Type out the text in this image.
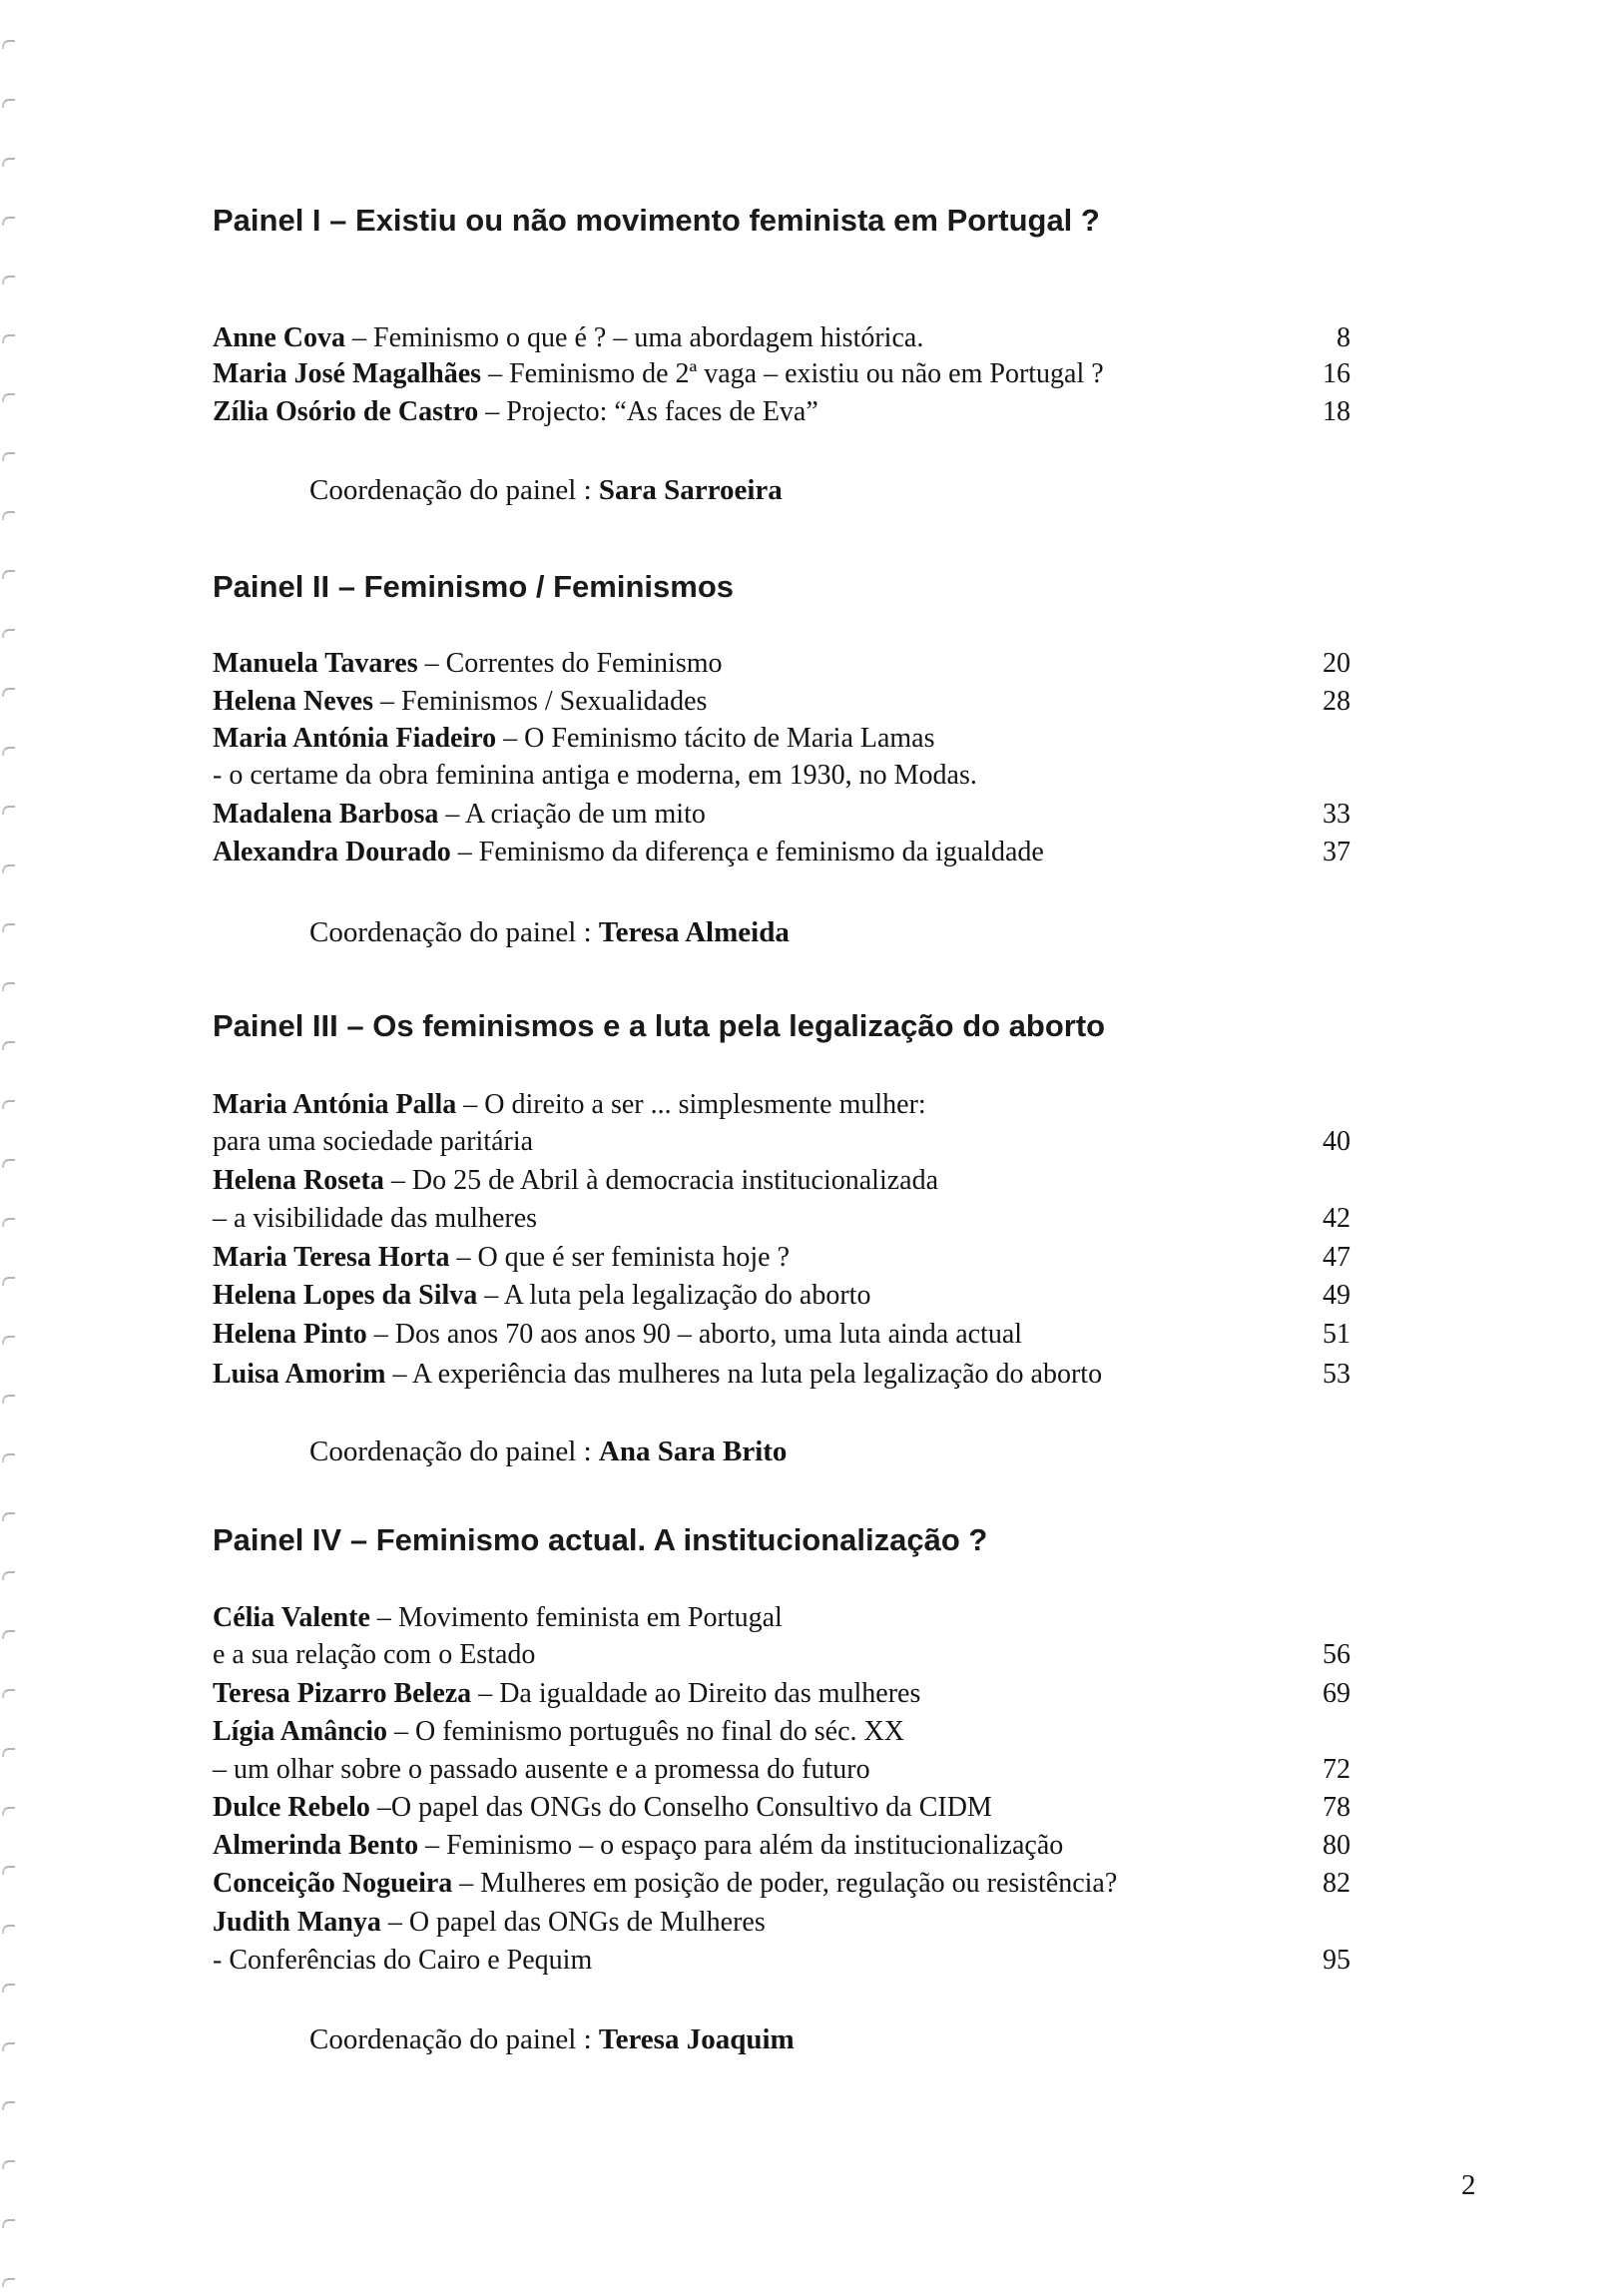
Painel I – Existiu ou não movimento feminista em Portugal ?
Anne Cova – Feminismo o que é ? – uma abordagem histórica.	8
Maria José Magalhães – Feminismo de 2ª vaga – existiu ou não em Portugal ?	16
Zília Osório de Castro – Projecto: “As faces de Eva”	18
Coordenação do painel : Sara Sarroeira
Painel II – Feminismo / Feminismos
Manuela Tavares – Correntes do Feminismo	20
Helena Neves – Feminismos / Sexualidades	28
Maria Antónia Fiadeiro – O Feminismo tácito de Maria Lamas
- o certame da obra feminina antiga e moderna, em 1930, no Modas.
Madalena Barbosa – A criação de um mito	33
Alexandra Dourado – Feminismo da diferença e feminismo da igualdade	37
Coordenação do painel : Teresa Almeida
Painel III – Os feminismos e a luta pela legalização do aborto
Maria Antónia Palla – O direito a ser ... simplesmente mulher:
para uma sociedade paritária	40
Helena Roseta – Do 25 de Abril à democracia institucionalizada
– a visibilidade das mulheres	42
Maria Teresa Horta – O que é ser feminista hoje ?	47
Helena Lopes da Silva – A luta pela legalização do aborto	49
Helena Pinto – Dos anos 70 aos anos 90 – aborto, uma luta ainda actual	51
Luisa Amorim – A experiência das mulheres na luta pela legalização do aborto	53
Coordenação do painel : Ana Sara Brito
Painel IV – Feminismo actual. A institucionalização ?
Célia Valente – Movimento feminista em Portugal
e a sua relação com o Estado	56
Teresa Pizarro Beleza – Da igualdade ao Direito das mulheres	69
Lígia Amâncio – O feminismo português no final do séc. XX
– um olhar sobre o passado ausente e a promessa do futuro	72
Dulce Rebelo –O papel das ONGs do Conselho Consultivo da CIDM	78
Almerinda Bento – Feminismo – o espaço para além da institucionalização	80
Conceição Nogueira – Mulheres em posição de poder, regulação ou resistência?	82
Judith Manya – O papel das ONGs de Mulheres
- Conferências do Cairo e Pequim	95
Coordenação do painel : Teresa Joaquim
2
